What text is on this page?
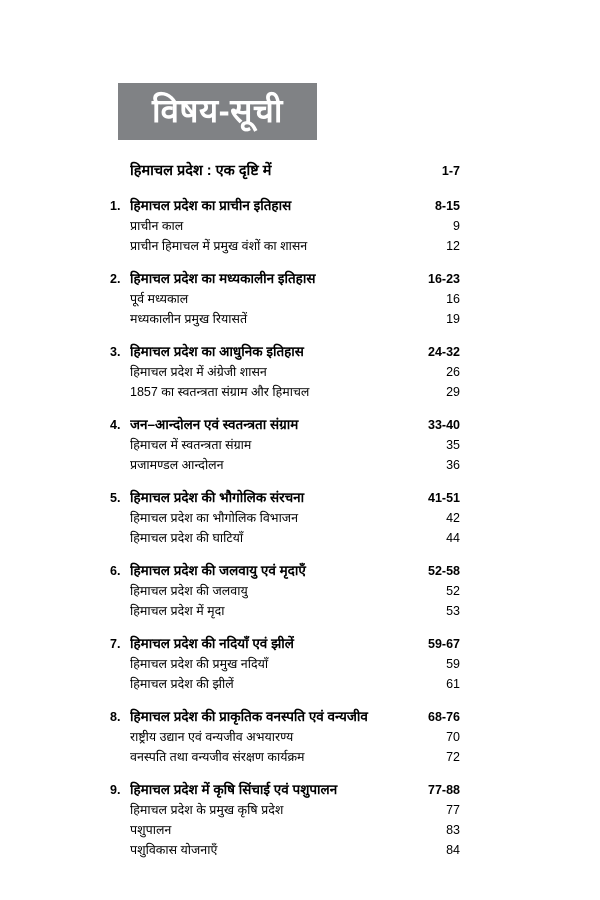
विषय-सूची
हिमाचल प्रदेश : एक दृष्टि में	1-7
1. हिमाचल प्रदेश का प्राचीन इतिहास	8-15
प्राचीन काल	9
प्राचीन हिमाचल में प्रमुख वंशों का शासन	12
2. हिमाचल प्रदेश का मध्यकालीन इतिहास	16-23
पूर्व मध्यकाल	16
मध्यकालीन प्रमुख रियासतें	19
3. हिमाचल प्रदेश का आधुनिक इतिहास	24-32
हिमाचल प्रदेश में अंग्रेजी शासन	26
1857 का स्वतन्त्रता संग्राम और हिमाचल	29
4. जन–आन्दोलन एवं स्वतन्त्रता संग्राम	33-40
हिमाचल में स्वतन्त्रता संग्राम	35
प्रजामण्डल आन्दोलन	36
5. हिमाचल प्रदेश की भौगोलिक संरचना	41-51
हिमाचल प्रदेश का भौगोलिक विभाजन	42
हिमाचल प्रदेश की घाटियाँ	44
6. हिमाचल प्रदेश की जलवायु एवं मृदाएँ	52-58
हिमाचल प्रदेश की जलवायु	52
हिमाचल प्रदेश में मृदा	53
7. हिमाचल प्रदेश की नदियाँ एवं झीलें	59-67
हिमाचल प्रदेश की प्रमुख नदियाँ	59
हिमाचल प्रदेश की झीलें	61
8. हिमाचल प्रदेश की प्राकृतिक वनस्पति एवं वन्यजीव	68-76
राष्ट्रीय उद्यान एवं वन्यजीव अभयारण्य	70
वनस्पति तथा वन्यजीव संरक्षण कार्यक्रम	72
9. हिमाचल प्रदेश में कृषि सिंचाई एवं पशुपालन	77-88
हिमाचल प्रदेश के प्रमुख कृषि प्रदेश	77
पशुपालन	83
पशुविकास योजनाएँ	84
